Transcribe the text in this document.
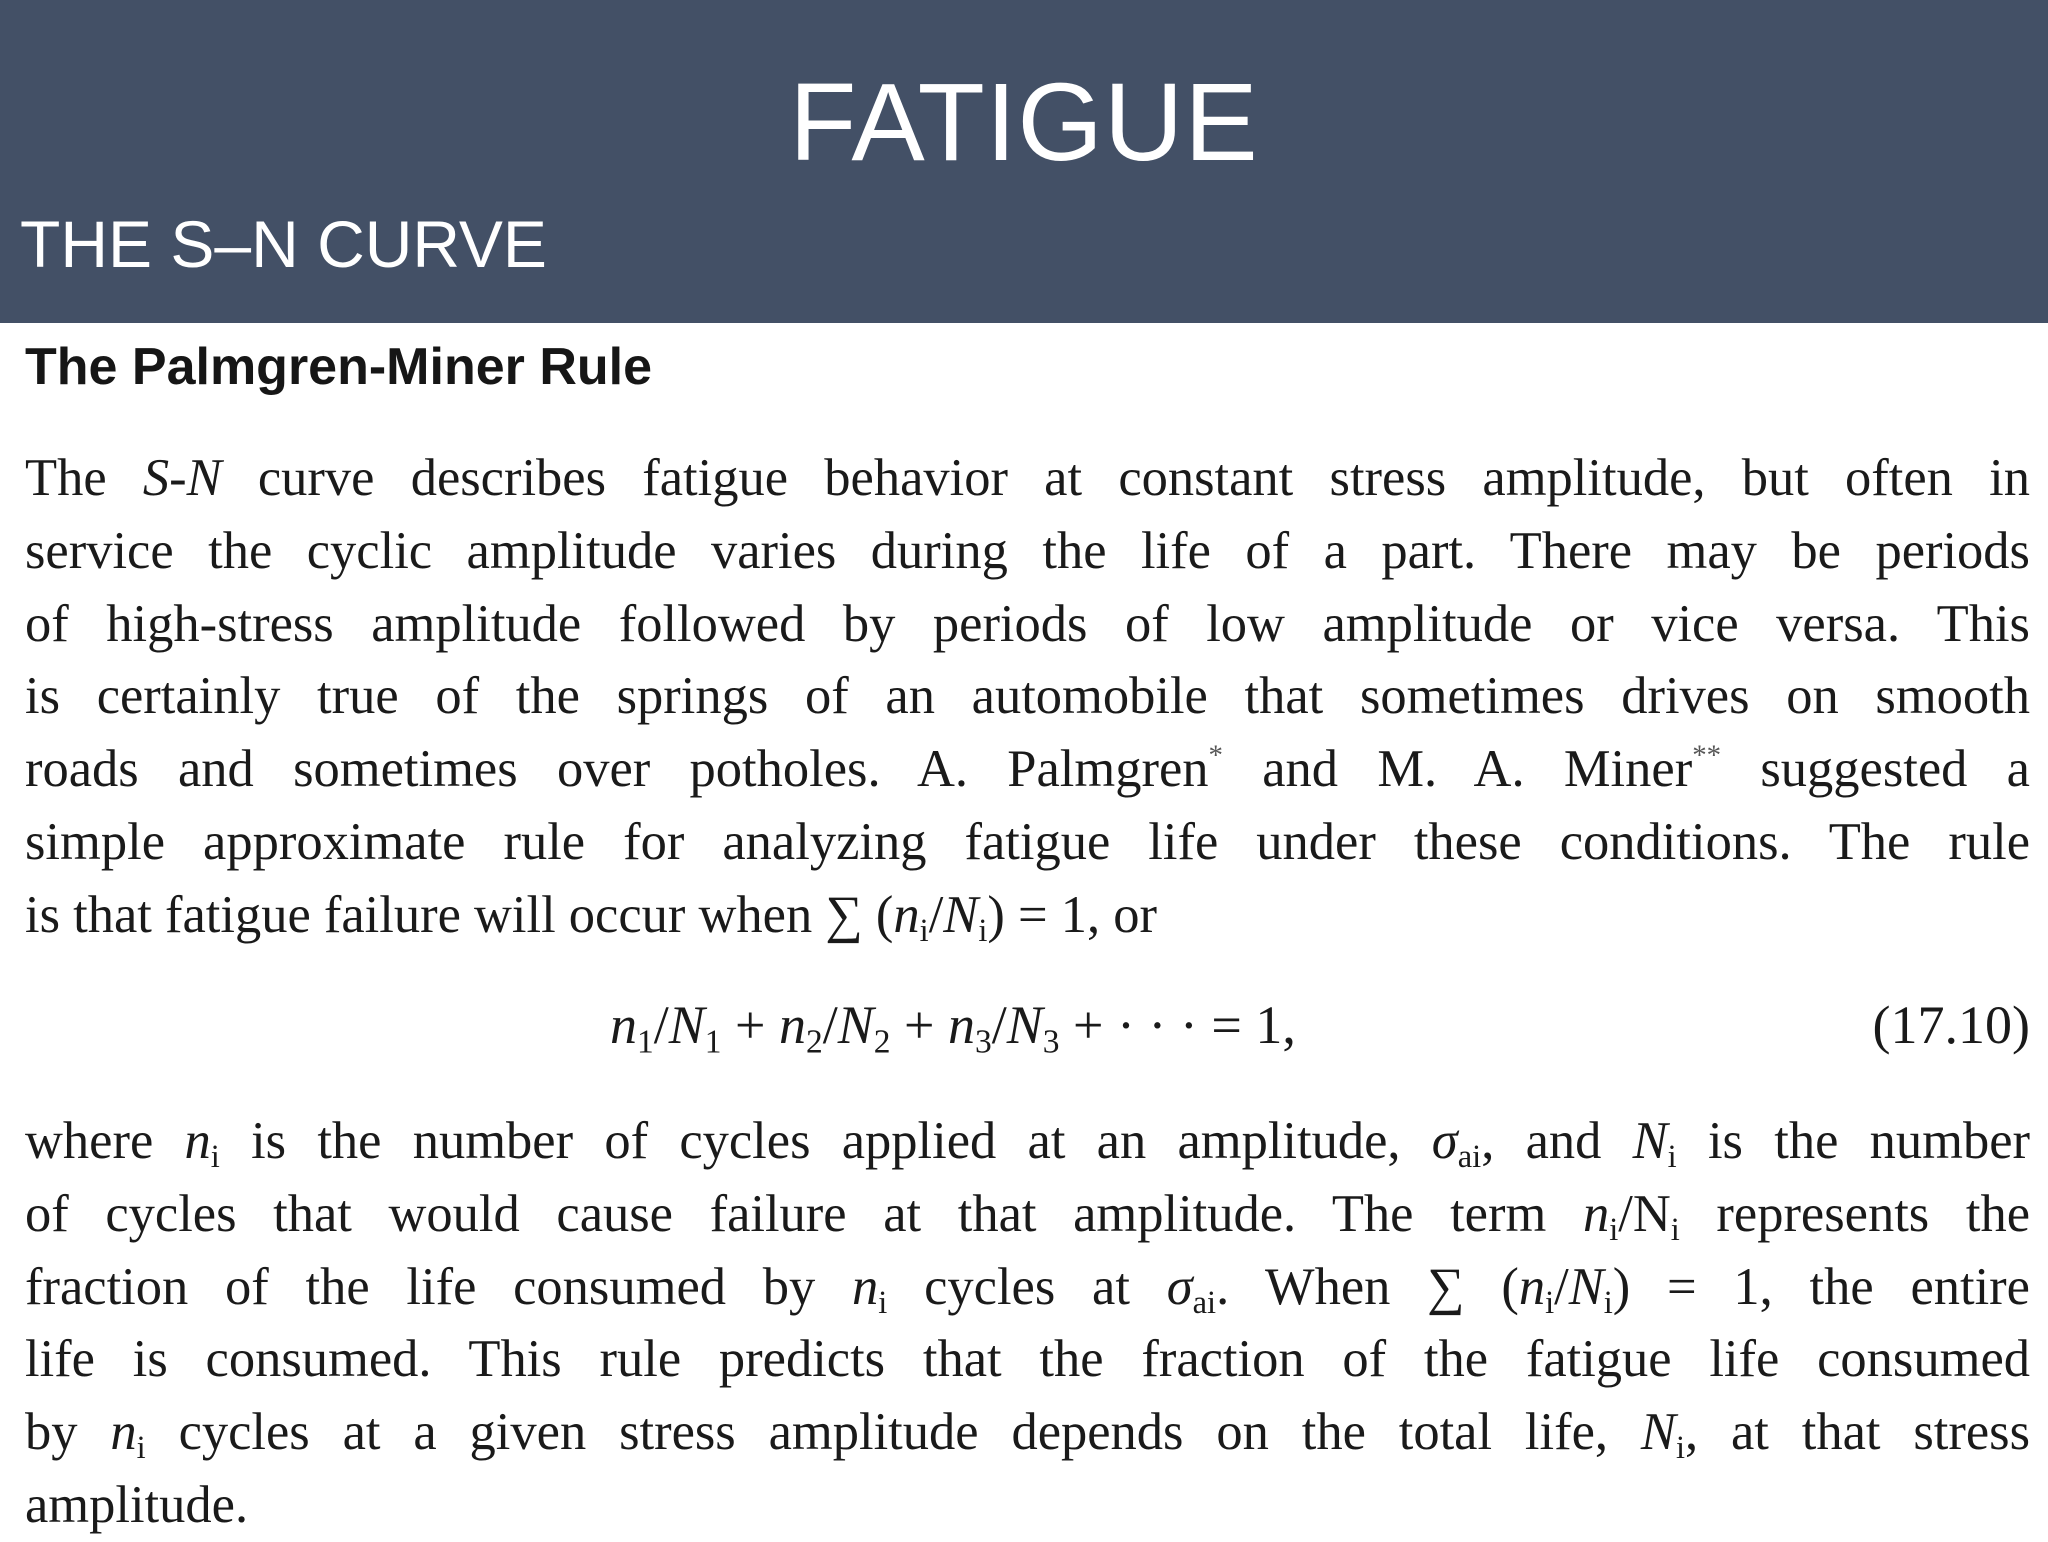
FATIGUE
THE S–N CURVE
The Palmgren-Miner Rule
The S-N curve describes fatigue behavior at constant stress amplitude, but often in
service the cyclic amplitude varies during the life of a part. There may be periods
of high-stress amplitude followed by periods of low amplitude or vice versa. This
is certainly true of the springs of an automobile that sometimes drives on smooth
roads and sometimes over potholes. A. Palmgren* and M. A. Miner** suggested a
simple approximate rule for analyzing fatigue life under these conditions. The rule
is that fatigue failure will occur when ∑ $(n_i/N_i) = 1$, or
$n_1/N_1 + n_2/N_2 + n_3/N_3$ + · · · = 1,	(17.10)
where $n_i$ is the number of cycles applied at an amplitude, $\sigma_{ai}$, and $N_i$ is the number
of cycles that would cause failure at that amplitude. The term $n_i/N_i$ represents the
fraction of the life consumed by $n_i$ cycles at $\sigma_{ai}$. When ∑ $(n_i/N_i) = 1$, the entire
life is consumed. This rule predicts that the fraction of the fatigue life consumed
by $n_i$ cycles at a given stress amplitude depends on the total life, $N_i$, at that stress
amplitude.
